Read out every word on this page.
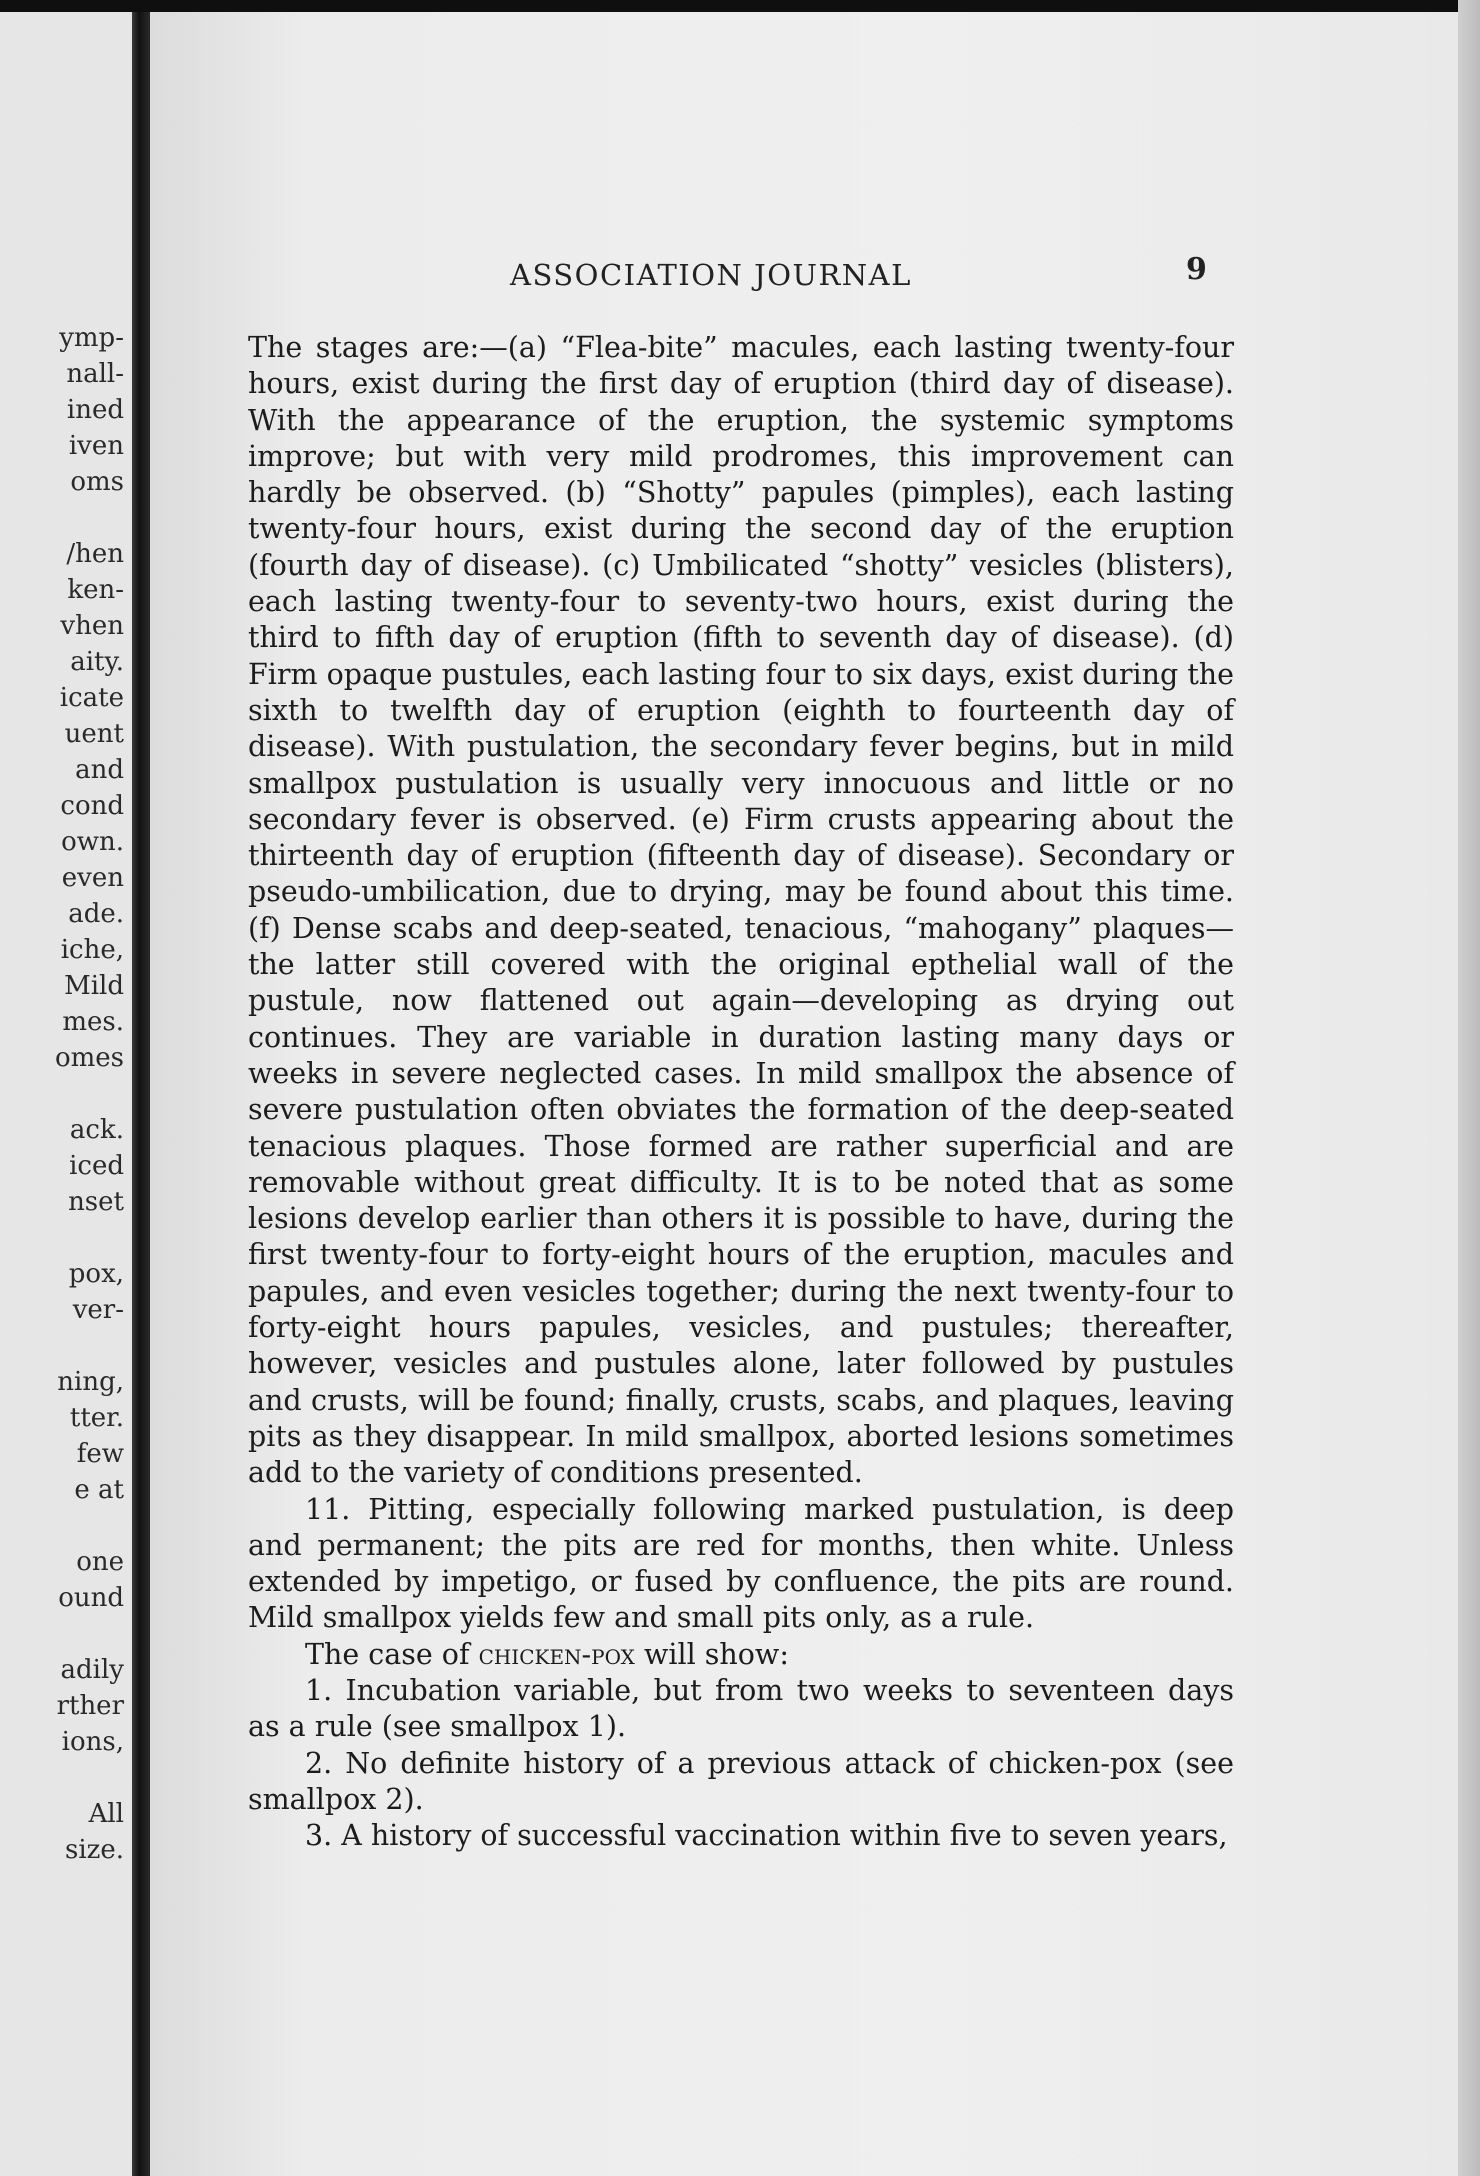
ymp-
nall-
ined
iven
oms
/hen
ken-
vhen
aity.
icate
uent
and
cond
own.
even
ade.
iche,
Mild
mes.
omes
ack.
iced
nset
pox,
ver-
ning,
tter.
few
e at
one
ound
adily
rther
ions,
All
size.
ASSOCIATION JOURNAL	9

The stages are:—(a) “Flea-bite” macules, each lasting twenty-four hours, exist during the first day of eruption (third day of disease). With the appearance of the eruption, the systemic symptoms improve; but with very mild prodromes, this improvement can hardly be observed. (b) “Shotty” papules (pimples), each lasting twenty-four hours, exist during the second day of the eruption (fourth day of disease). (c) Umbilicated “shotty” vesicles (blisters), each lasting twenty-four to seventy-two hours, exist during the third to fifth day of eruption (fifth to seventh day of disease). (d) Firm opaque pustules, each lasting four to six days, exist during the sixth to twelfth day of eruption (eighth to fourteenth day of disease). With pustulation, the secondary fever begins, but in mild smallpox pustulation is usually very innocuous and little or no secondary fever is observed. (e) Firm crusts appearing about the thirteenth day of eruption (fifteenth day of disease). Secondary or pseudo-umbilication, due to drying, may be found about this time. (f) Dense scabs and deep-seated, tenacious, “mahogany” plaques—the latter still covered with the original epthelial wall of the pustule, now flattened out again—developing as drying out continues. They are variable in duration lasting many days or weeks in severe neglected cases. In mild smallpox the absence of severe pustulation often obviates the formation of the deep-seated tenacious plaques. Those formed are rather superficial and are removable without great difficulty. It is to be noted that as some lesions develop earlier than others it is possible to have, during the first twenty-four to forty-eight hours of the eruption, macules and papules, and even vesicles together; during the next twenty-four to forty-eight hours papules, vesicles, and pustules; thereafter, however, vesicles and pustules alone, later followed by pustules and crusts, will be found; finally, crusts, scabs, and plaques, leaving pits as they disappear. In mild smallpox, aborted lesions sometimes add to the variety of conditions presented.

11. Pitting, especially following marked pustulation, is deep and permanent; the pits are red for months, then white. Unless extended by impetigo, or fused by confluence, the pits are round. Mild smallpox yields few and small pits only, as a rule.

The case of chicken-pox will show:

1. Incubation variable, but from two weeks to seventeen days as a rule (see smallpox 1).

2. No definite history of a previous attack of chicken-pox (see smallpox 2).

3. A history of successful vaccination within five to seven years,
